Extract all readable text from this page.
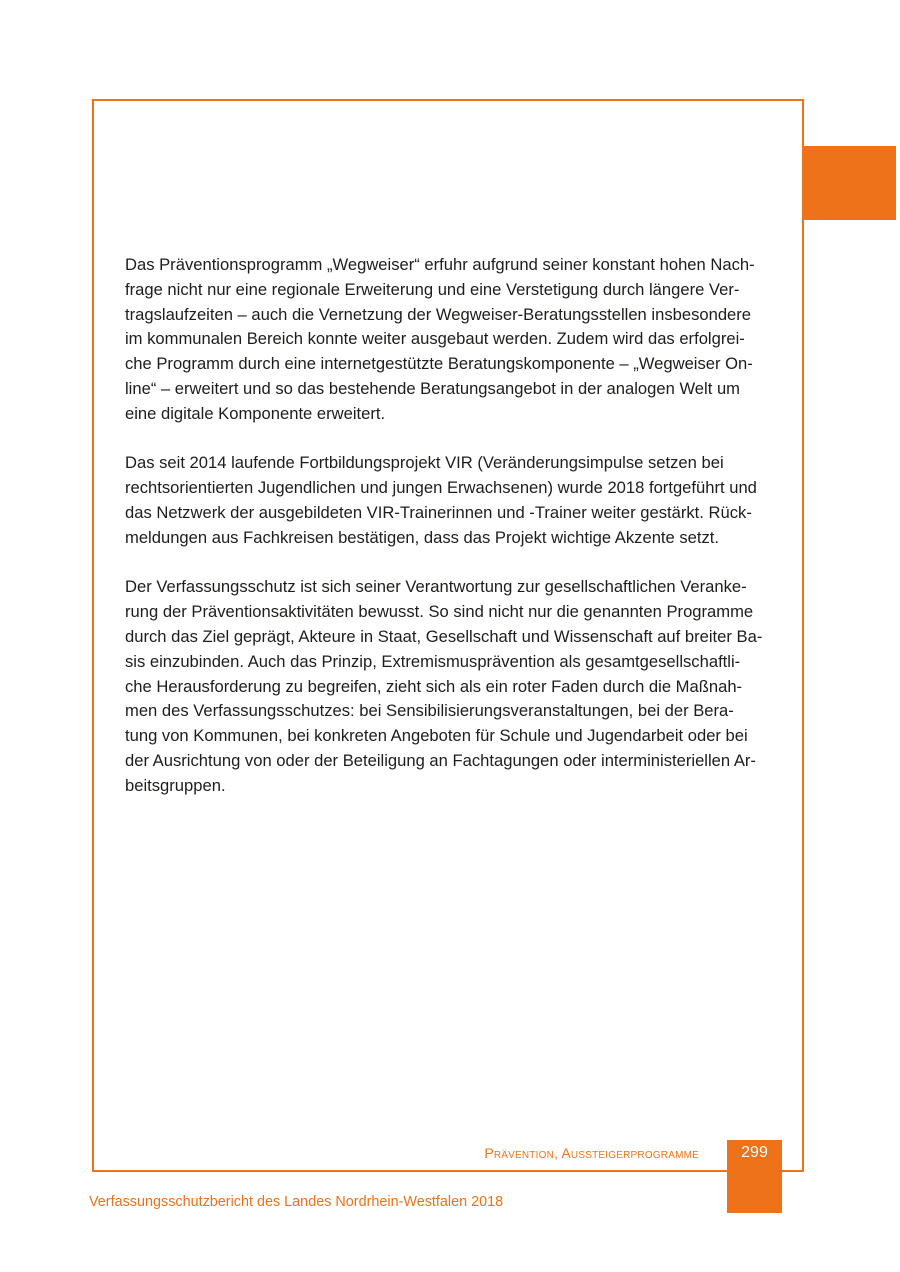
Das Präventionsprogramm „Wegweiser“ erfuhr aufgrund seiner konstant hohen Nach-
frage nicht nur eine regionale Erweiterung und eine Verstetigung durch längere Ver-
tragslaufzeiten – auch die Vernetzung der Wegweiser-Beratungsstellen insbesondere
im kommunalen Bereich konnte weiter ausgebaut werden. Zudem wird das erfolgrei-
che Programm durch eine internetgestützte Beratungskomponente – „Wegweiser On-
line“ – erweitert und so das bestehende Beratungsangebot in der analogen Welt um
eine digitale Komponente erweitert.

Das seit 2014 laufende Fortbildungsprojekt VIR (Veränderungsimpulse setzen bei
rechtsorientierten Jugendlichen und jungen Erwachsenen) wurde 2018 fortgeführt und
das Netzwerk der ausgebildeten VIR-Trainerinnen und -Trainer weiter gestärkt. Rück-
meldungen aus Fachkreisen bestätigen, dass das Projekt wichtige Akzente setzt.

Der Verfassungsschutz ist sich seiner Verantwortung zur gesellschaftlichen Veranke-
rung der Präventionsaktivitäten bewusst. So sind nicht nur die genannten Programme
durch das Ziel geprägt, Akteure in Staat, Gesellschaft und Wissenschaft auf breiter Ba-
sis einzubinden. Auch das Prinzip, Extremismusprävention als gesamtgesellschaftli-
che Herausforderung zu begreifen, zieht sich als ein roter Faden durch die Maßnah-
men des Verfassungsschutzes: bei Sensibilisierungsveranstaltungen, bei der Bera-
tung von Kommunen, bei konkreten Angeboten für Schule und Jugendarbeit oder bei
der Ausrichtung von oder der Beteiligung an Fachtagungen oder interministeriellen Ar-
beitsgruppen.

Prävention, Aussteigerprogramme	299
Verfassungsschutzbericht des Landes Nordrhein-Westfalen 2018
